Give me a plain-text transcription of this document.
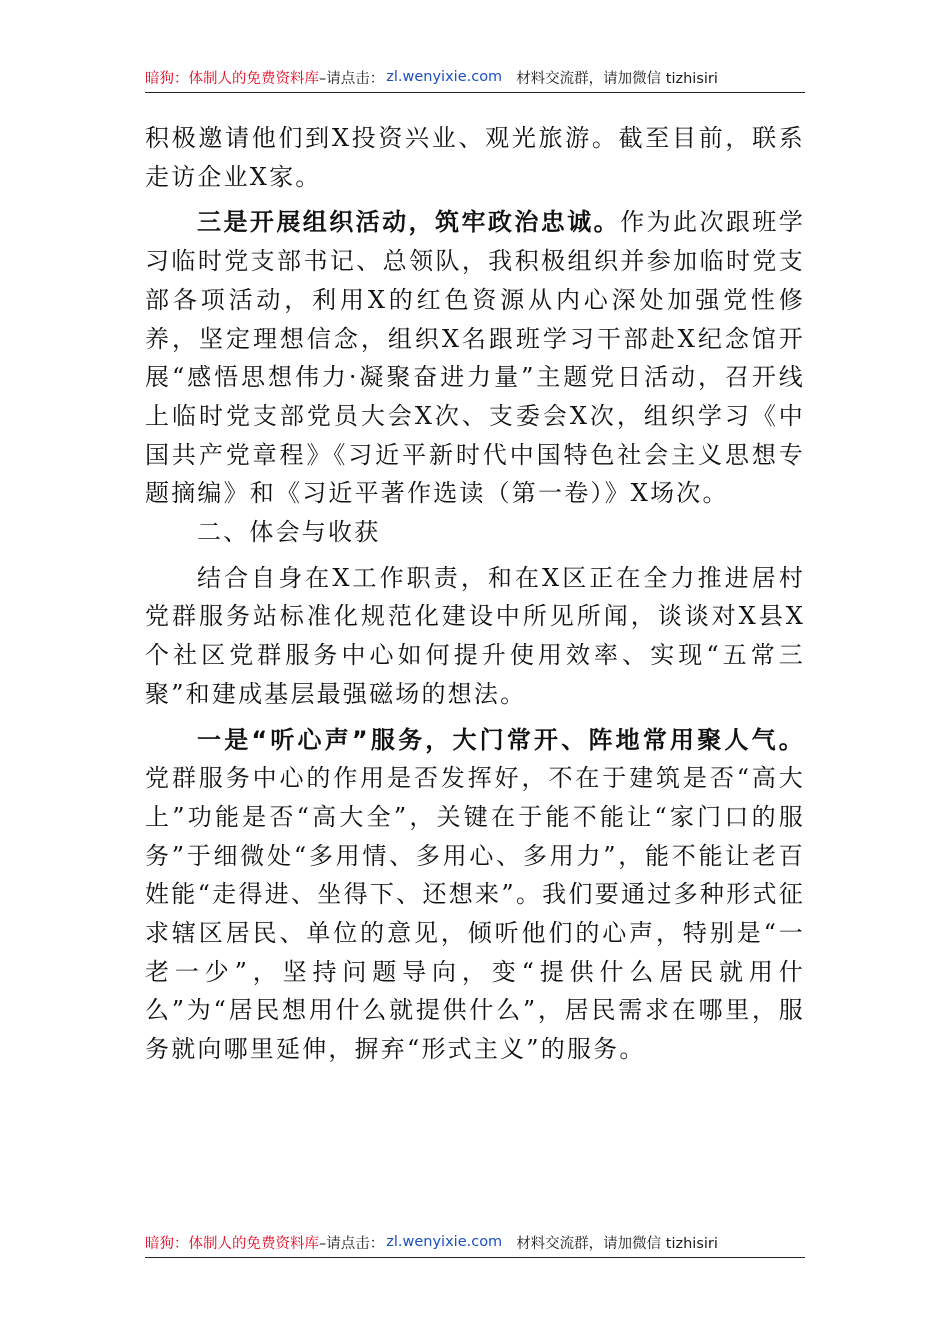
暗狗：体制人的免费资料库 –请点击： zl.wenyixie.com 材料交流群，请加微信 tizhisiri

积极邀请他们到X投资兴业、观光旅游。截至目前，联系走访企业X家。

三是开展组织活动，筑牢政治忠诚。作为此次跟班学习临时党支部书记、总领队，我积极组织并参加临时党支部各项活动，利用X的红色资源从内心深处加强党性修养，坚定理想信念，组织X名跟班学习干部赴X纪念馆开展“感悟思想伟力·凝聚奋进力量”主题党日活动，召开线上临时党支部党员大会X次、支委会X次，组织学习《中国共产党章程》《习近平新时代中国特色社会主义思想专题摘编》和《习近平著作选读（第一卷）》X场次。

二、体会与收获

结合自身在X工作职责，和在X区正在全力推进居村党群服务站标准化规范化建设中所见所闻，谈谈对X县X个社区党群服务中心如何提升使用效率、实现“五常三聚”和建成基层最强磁场的想法。

一是“听心声”服务，大门常开、阵地常用聚人气。党群服务中心的作用是否发挥好，不在于建筑是否“高大上”功能是否“高大全”，关键在于能不能让“家门口的服务”于细微处“多用情、多用心、多用力”，能不能让老百姓能“走得进、坐得下、还想来”。我们要通过多种形式征求辖区居民、单位的意见，倾听他们的心声，特别是“一老一少”，坚持问题导向，变“提供什么居民就用什么”为“居民想用什么就提供什么”，居民需求在哪里，服务就向哪里延伸，摒弃“形式主义”的服务。

暗狗：体制人的免费资料库 –请点击： zl.wenyixie.com 材料交流群，请加微信 tizhisiri
